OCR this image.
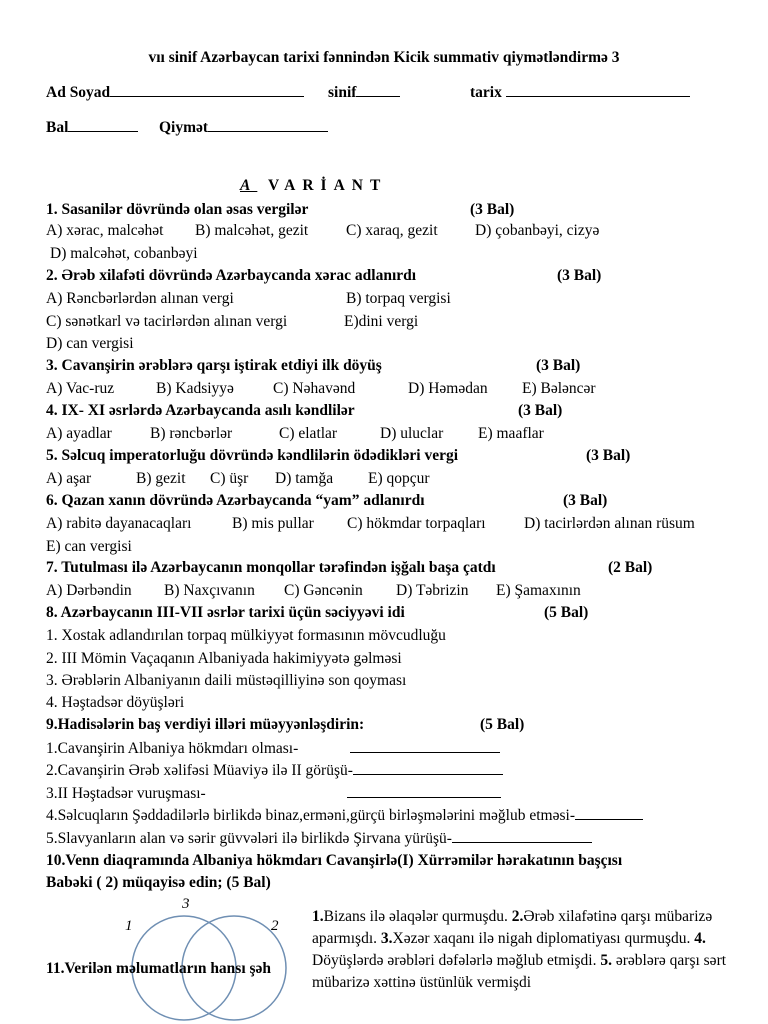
vıı sinif Azərbaycan tarixi fənnindən Kicik summativ qiymətləndirmə 3
Ad Soyad	sinif	tarix
Bal	Qiymət
A VARİANT
1. Sasanilər dövründə olan əsas vergilər	(3 Bal)
A) xərac, malcəhət B) malcəhət, gezit C) xaraq, gezit D) çobanbəyi, cizyə
D) malcəhət, cobanbəyi
2. Ərəb xilafəti dövründə Azərbaycanda xərac adlanırdı	(3 Bal)
A) Rəncbərlərdən alınan vergi	B) torpaq vergisi
C) sənətkarl və tacirlərdən alınan vergi	E)dini vergi
D) can vergisi
3. Cavanşirin ərəblərə qarşı iştirak etdiyi ilk döyüş	(3 Bal)
A) Vac-ruz	B) Kadsiyyə	C) Nəhavənd	D) Həmədan E) Bələncər
4. IX- XI əsrlərdə Azərbaycanda asılı kəndlilər	(3 Bal)
A) ayadlar B) rəncbərlər	C) elatlar	D) uluclar E) maaflar
5. Səlcuq imperatorluğu dövründə kəndlilərin ödədikləri vergi	(3 Bal)
A) aşar	B) gezit C) üşr D) tamğa E) qopçur
6. Qazan xanın dövründə Azərbaycanda “yam” adlanırdı	(3 Bal)
A) rabitə dayanacaqları	B) mis pullar C) hökmdar torpaqları D) tacirlərdən alınan rüsum
E) can vergisi
7. Tutulması ilə Azərbaycanın monqollar tərəfindən işğalı başa çatdı	(2 Bal)
A) Dərbəndin B) Naxçıvanın C) Gəncənin D) Təbrizin E) Şamaxının
8. Azərbaycanın III-VII əsrlər tarixi üçün səciyyəvi idi	(5 Bal)
1. Xostak adlandırılan torpaq mülkiyyət formasının mövcudluğu
2. III Mömin Vaçaqanın Albaniyada hakimiyyətə gəlməsi
3. Ərəblərin Albaniyanın daili müstəqilliyinə son qoyması
4. Həştadsər döyüşləri
9.Hadisələrin baş verdiyi illəri müəyyənləşdirin:	(5 Bal)
1.Cavanşirin Albaniya hökmdarı olması-
2.Cavanşirin Ərəb xəlifəsi Müaviyə ilə II görüşü-
3.II Həştadsər vuruşması-
4.Səlcuqların Şəddadilərlə birlikdə binaz,erməni,gürçü birləşmələrini məğlub etməsi-
5.Slavyanların alan və sərir güvvələri ilə birlikdə Şirvana yürüşü-
10.Venn diaqramında Albaniya hökmdarı Cavanşirlə(I) Xürrəmilər hərakatının başçısı
Babəki ( 2) müqayisə edin; (5 Bal)
1	2
3
1.Bizans ilə əlaqələr qurmuşdu. 2.Ərəb xilafətinə qarşı mübarizə aparmışdı. 3.Xəzər xaqanı ilə nigah diplomatiyası qurmuşdu. 4. Döyüşlərdə ərəbləri dəfələrlə məğlub etmişdi. 5. ərəblərə qarşı sərt mübarizə xəttinə üstünlük vermişdi
11.Verilən məlumatların hansı şəh
